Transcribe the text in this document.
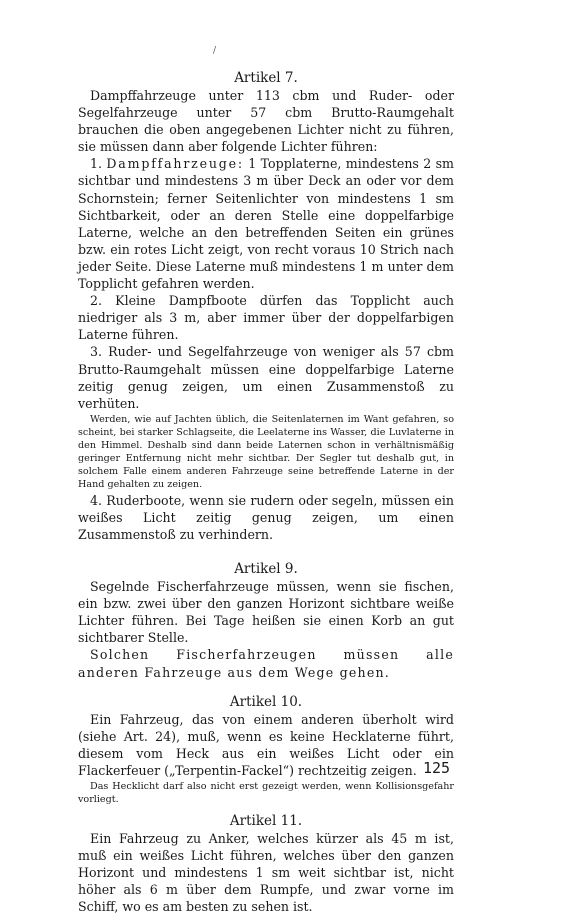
/

Artikel 7.

Dampffahrzeuge unter 113 cbm und Ruder- oder Segelfahrzeuge unter 57 cbm Brutto-Raumgehalt brauchen die oben angegebenen Lichter nicht zu führen, sie müssen dann aber folgende Lichter führen:

1. Dampffahrzeuge: 1 Topplaterne, mindestens 2 sm sichtbar und mindestens 3 m über Deck an oder vor dem Schornstein; ferner Seitenlichter von mindestens 1 sm Sichtbarkeit, oder an deren Stelle eine doppelfarbige Laterne, welche an den betreffenden Seiten ein grünes bzw. ein rotes Licht zeigt, von recht voraus 10 Strich nach jeder Seite. Diese Laterne muß mindestens 1 m unter dem Topplicht gefahren werden.

2. Kleine Dampfboote dürfen das Topplicht auch niedriger als 3 m, aber immer über der doppelfarbigen Laterne führen.

3. Ruder- und Segelfahrzeuge von weniger als 57 cbm Brutto-Raumgehalt müssen eine doppelfarbige Laterne zeitig genug zeigen, um einen Zusammenstoß zu verhüten.

Werden, wie auf Jachten üblich, die Seitenlaternen im Want gefahren, so scheint, bei starker Schlagseite, die Leelaterne ins Wasser, die Luvlaterne in den Himmel. Deshalb sind dann beide Laternen schon in verhältnismäßig geringer Entfernung nicht mehr sichtbar. Der Segler tut deshalb gut, in solchem Falle einem anderen Fahrzeuge seine betreffende Laterne in der Hand gehalten zu zeigen.

4. Ruderboote, wenn sie rudern oder segeln, müssen ein weißes Licht zeitig genug zeigen, um einen Zusammenstoß zu verhindern.

Artikel 9.

Segelnde Fischerfahrzeuge müssen, wenn sie fischen, ein bzw. zwei über den ganzen Horizont sichtbare weiße Lichter führen. Bei Tage heißen sie einen Korb an gut sichtbarer Stelle.

Solchen Fischerfahrzeugen müssen alle anderen Fahrzeuge aus dem Wege gehen.

Artikel 10.

Ein Fahrzeug, das von einem anderen überholt wird (siehe Art. 24), muß, wenn es keine Hecklaterne führt, diesem vom Heck aus ein weißes Licht oder ein Flackerfeuer („Terpentin-Fackel“) rechtzeitig zeigen.

Das Hecklicht darf also nicht erst gezeigt werden, wenn Kollisionsgefahr vorliegt.

Artikel 11.

Ein Fahrzeug zu Anker, welches kürzer als 45 m ist, muß ein weißes Licht führen, welches über den ganzen Horizont und mindestens 1 sm weit sichtbar ist, nicht höher als 6 m über dem Rumpfe, und zwar vorne im Schiff, wo es am besten zu sehen ist.

125
